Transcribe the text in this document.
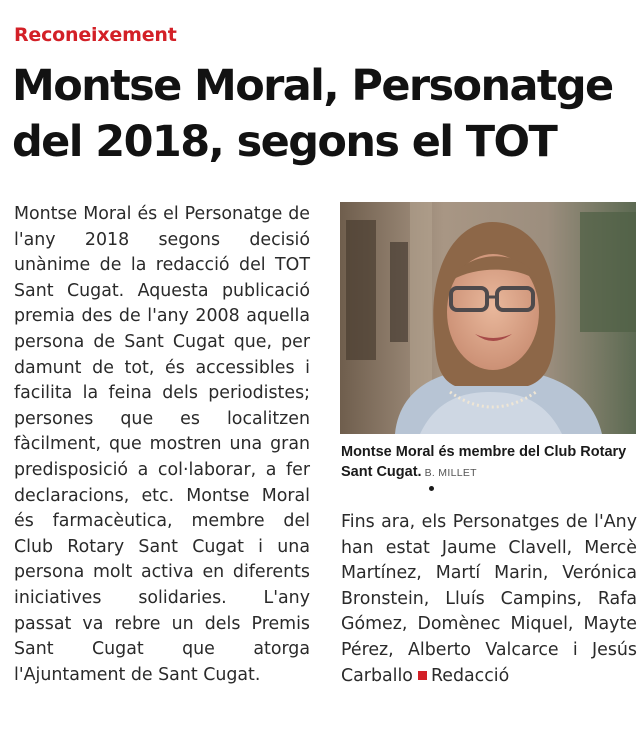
Reconeixement
Montse Moral, Personatge
del 2018, segons el TOT

Montse Moral és el Personatge de l'any 2018 segons decisió unànime de la redacció del TOT Sant Cugat. Aquesta publicació premia des de l'any 2008 aquella persona de Sant Cugat que, per damunt de tot, és accessibles i facilita la feina dels periodistes; persones que es localitzen fàcilment, que mostren una gran predisposició a col·laborar, a fer declaracions, etc. Montse Moral és farmacèutica, membre del Club Rotary Sant Cugat i una persona molt activa en diferents iniciatives solidaries. L'any passat va rebre un dels Premis Sant Cugat que atorga l'Ajuntament de Sant Cugat.

Montse Moral és membre del Club Rotary Sant Cugat. B. MILLET

Fins ara, els Personatges de l'Any han estat Jaume Clavell, Mercè Martínez, Martí Marin, Verónica Bronstein, Lluís Campins, Rafa Gómez, Domènec Miquel, Mayte Pérez, Alberto Valcarce i Jesús Carballo Redacció
